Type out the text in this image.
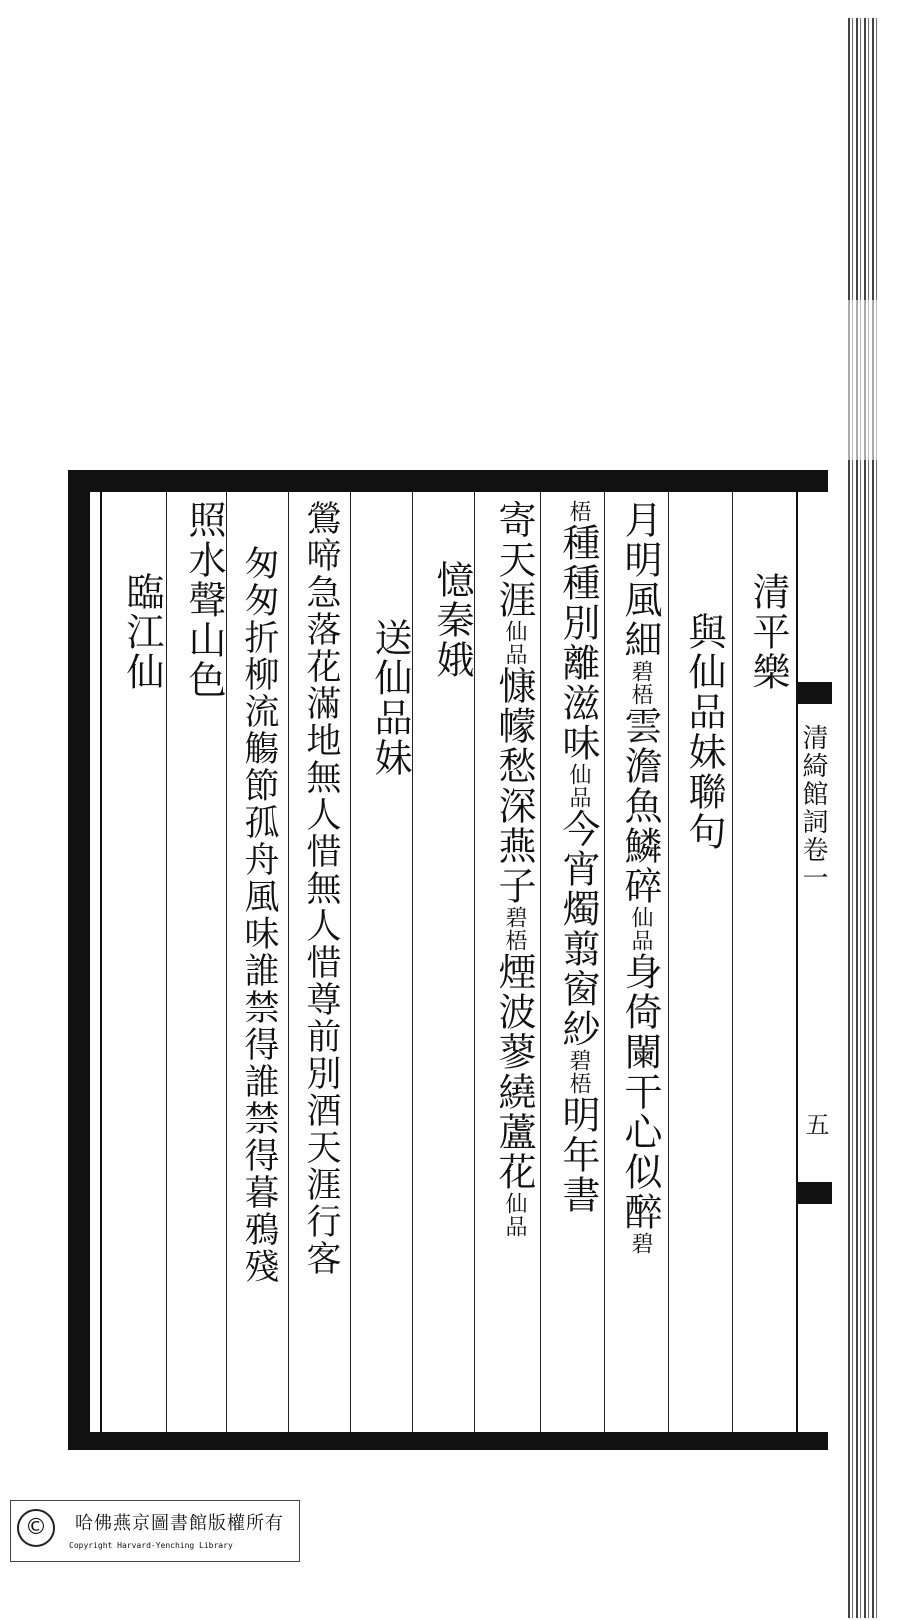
清綺館詞卷一
五
清平樂
與仙品妹聯句
月明風細碧梧雲澹魚鱗碎仙品身倚闌干心似醉碧
梧種種別離滋味仙品今宵燭翦窗紗碧梧明年書
寄天涯仙品慷幪愁深燕子碧梧煙波蓼繞蘆花仙品
憶秦娥
送仙品妹
鶯啼急落花滿地無人惜無人惜尊前別酒天涯行客
匆匆折柳流觴節孤舟風味誰禁得誰禁得暮鴉殘
照水聲山色
臨江仙
©	哈佛燕京圖書館版權所有
Copyright Harvard-Yenching Library
